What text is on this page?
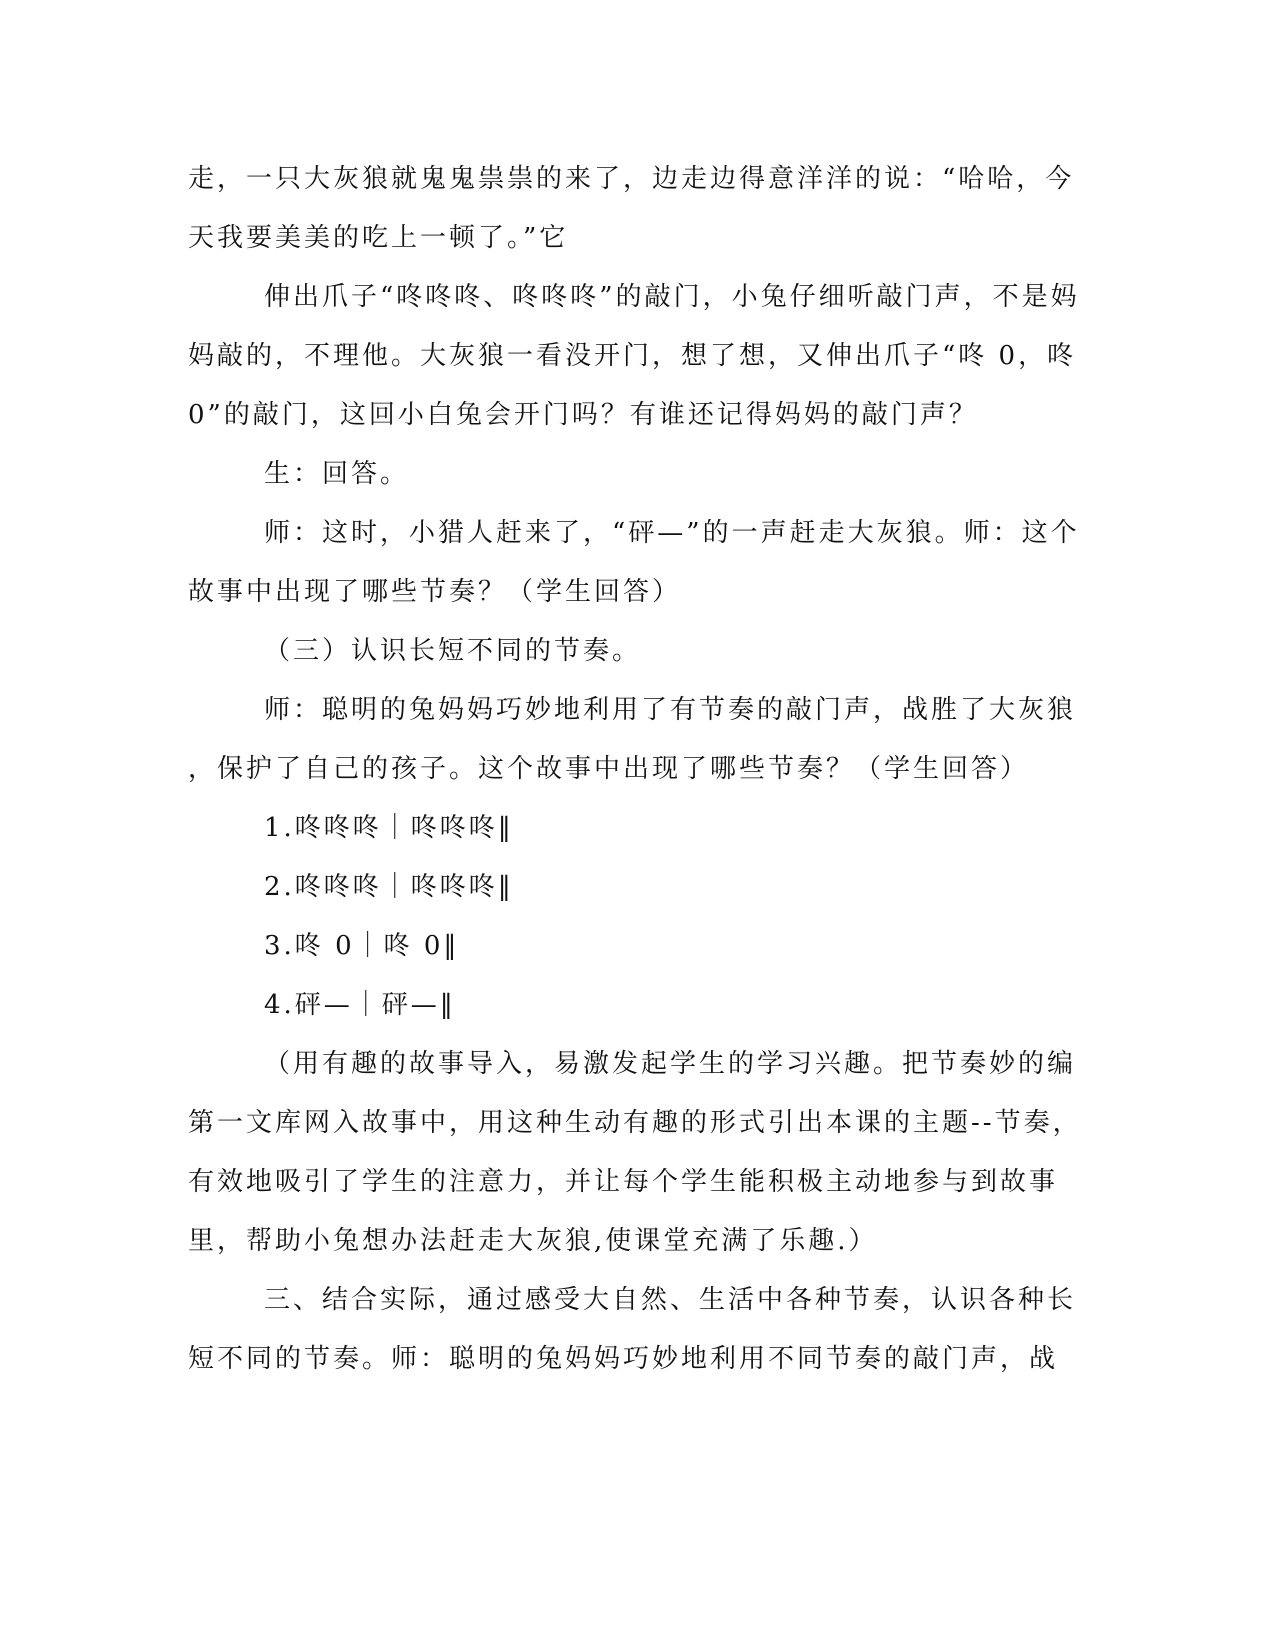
走，一只大灰狼就鬼鬼祟祟的来了，边走边得意洋洋的说：“哈哈，今
天我要美美的吃上一顿了。”它
伸出爪子“咚咚咚、咚咚咚”的敲门，小兔仔细听敲门声，不是妈
妈敲的，不理他。大灰狼一看没开门，想了想，又伸出爪子“咚 0，咚
0”的敲门，这回小白兔会开门吗？有谁还记得妈妈的敲门声？
生：回答。
师：这时，小猎人赶来了，“砰—”的一声赶走大灰狼。师：这个
故事中出现了哪些节奏？（学生回答）
（三）认识长短不同的节奏。
师：聪明的兔妈妈巧妙地利用了有节奏的敲门声，战胜了大灰狼
，保护了自己的孩子。这个故事中出现了哪些节奏？（学生回答）
1.咚咚咚｜咚咚咚‖
2.咚咚咚｜咚咚咚‖
3.咚 0｜咚 0‖
4.砰—｜砰—‖
（用有趣的故事导入，易激发起学生的学习兴趣。把节奏妙的编
第一文库网入故事中，用这种生动有趣的形式引出本课的主题--节奏，
有效地吸引了学生的注意力，并让每个学生能积极主动地参与到故事
里，帮助小兔想办法赶走大灰狼,使课堂充满了乐趣.）
三、结合实际，通过感受大自然、生活中各种节奏，认识各种长
短不同的节奏。师：聪明的兔妈妈巧妙地利用不同节奏的敲门声，战
